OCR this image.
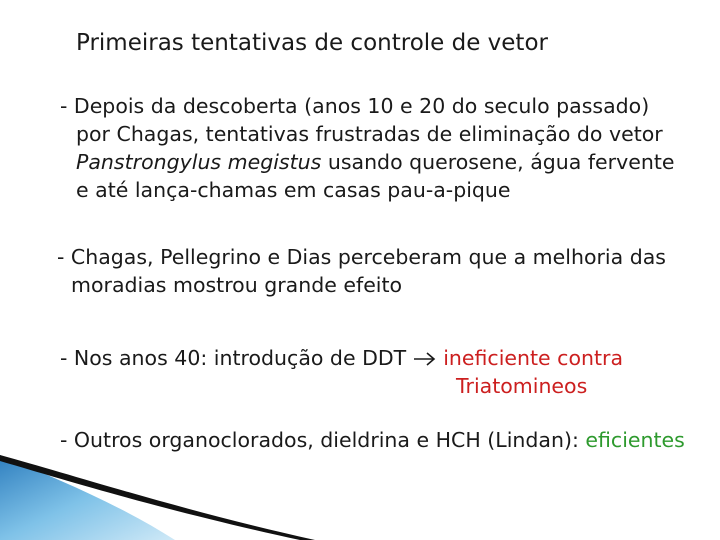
Primeiras tentativas de controle de vetor
- Depois da descoberta (anos 10 e 20 do seculo passado)
por Chagas, tentativas frustradas de eliminação do vetor
Panstrongylus megistus usando querosene, água fervente
e até lança-chamas em casas pau-a-pique
- Chagas, Pellegrino e Dias perceberam que a melhoria das
moradias mostrou grande efeito
- Nos anos 40: introdução de DDT  ineficiente contra
Triatomineos
- Outros organoclorados, dieldrina e HCH (Lindan): eficientes
